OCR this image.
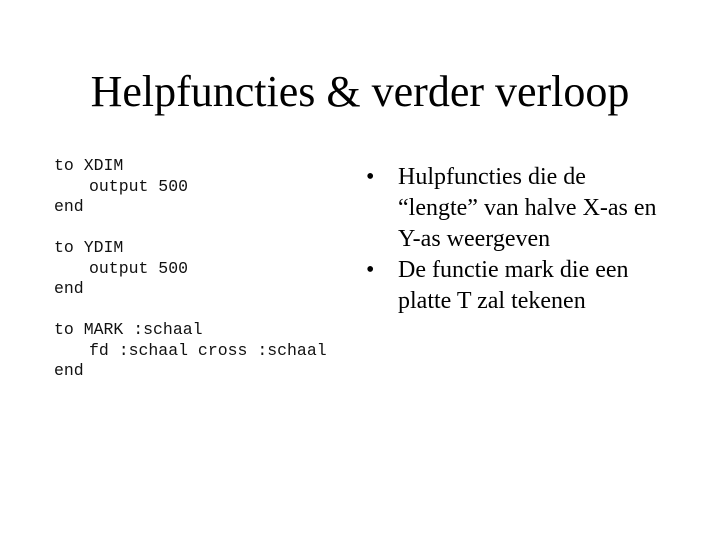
Helpfuncties & verder verloop
to XDIM
output 500
end
to YDIM
output 500
end
to MARK :schaal
fd :schaal cross :schaal
end
• Hulpfuncties die de “lengte” van halve X-as en Y-as weergeven
• De functie mark die een platte T zal tekenen
